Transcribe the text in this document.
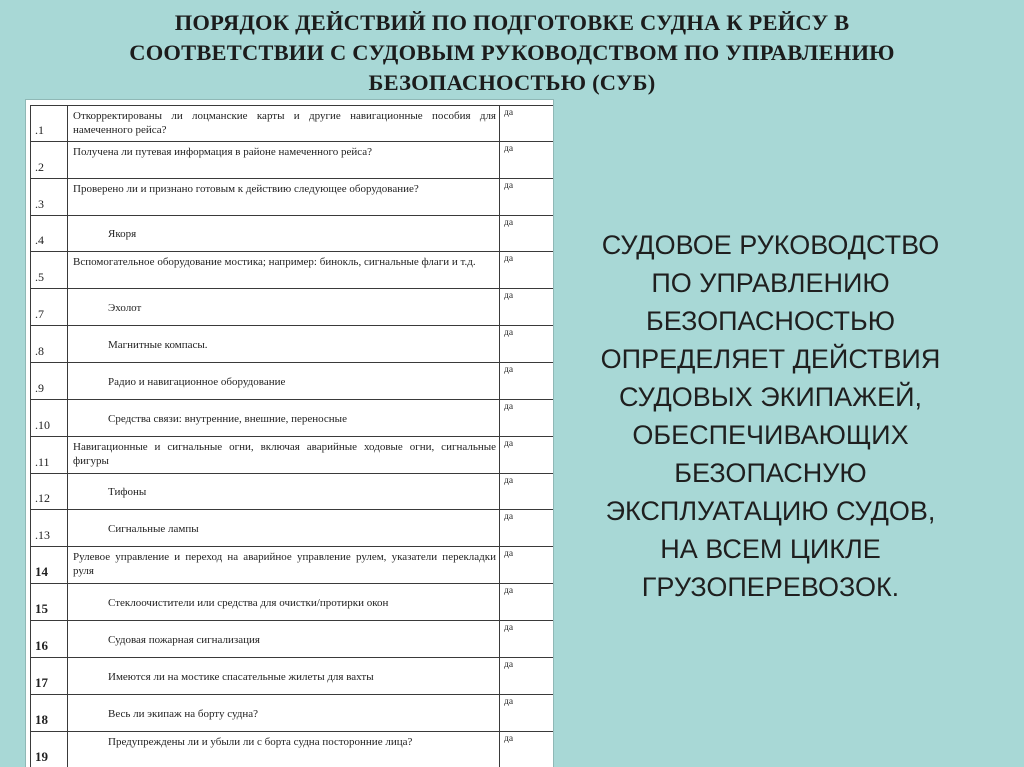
ПОРЯДОК ДЕЙСТВИЙ ПО ПОДГОТОВКЕ СУДНА К РЕЙСУ В
СООТВЕТСТВИИ С СУДОВЫМ РУКОВОДСТВОМ ПО УПРАВЛЕНИЮ
БЕЗОПАСНОСТЬЮ (СУБ)
.1	Откорректированы ли лоцманские карты и другие навигационные пособия для намеченного рейса?	да
.2	Получена ли путевая информация в районе намеченного рейса?	да
.3	Проверено ли и признано готовым к действию следующее оборудование?	да
.4	Якоря	да
.5	Вспомогательное оборудование мостика; например: бинокль, сигнальные флаги и т.д.	да
.7	Эхолот	да
.8	Магнитные компасы.	да
.9	Радио и навигационное оборудование	да
.10	Средства связи: внутренние, внешние, переносные	да
.11	Навигационные и сигнальные огни, включая аварийные ходовые огни, сигнальные фигуры	да
.12	Тифоны	да
.13	Сигнальные лампы	да
14	Рулевое управление и переход на аварийное управление рулем, указатели перекладки руля	да
15	Стеклоочистители или средства для очистки/протирки окон	да
16	Судовая пожарная сигнализация	да
17	Имеются ли на мостике спасательные жилеты для вахты	да
18	Весь ли экипаж на борту судна?	да
19	Предупреждены ли и убыли ли с борта судна посторонние лица?	да
СУДОВОЕ РУКОВОДСТВО
ПО УПРАВЛЕНИЮ
БЕЗОПАСНОСТЬЮ
ОПРЕДЕЛЯЕТ ДЕЙСТВИЯ
СУДОВЫХ ЭКИПАЖЕЙ,
ОБЕСПЕЧИВАЮЩИХ
БЕЗОПАСНУЮ
ЭКСПЛУАТАЦИЮ СУДОВ,
НА ВСЕМ ЦИКЛЕ
ГРУЗОПЕРЕВОЗОК.
